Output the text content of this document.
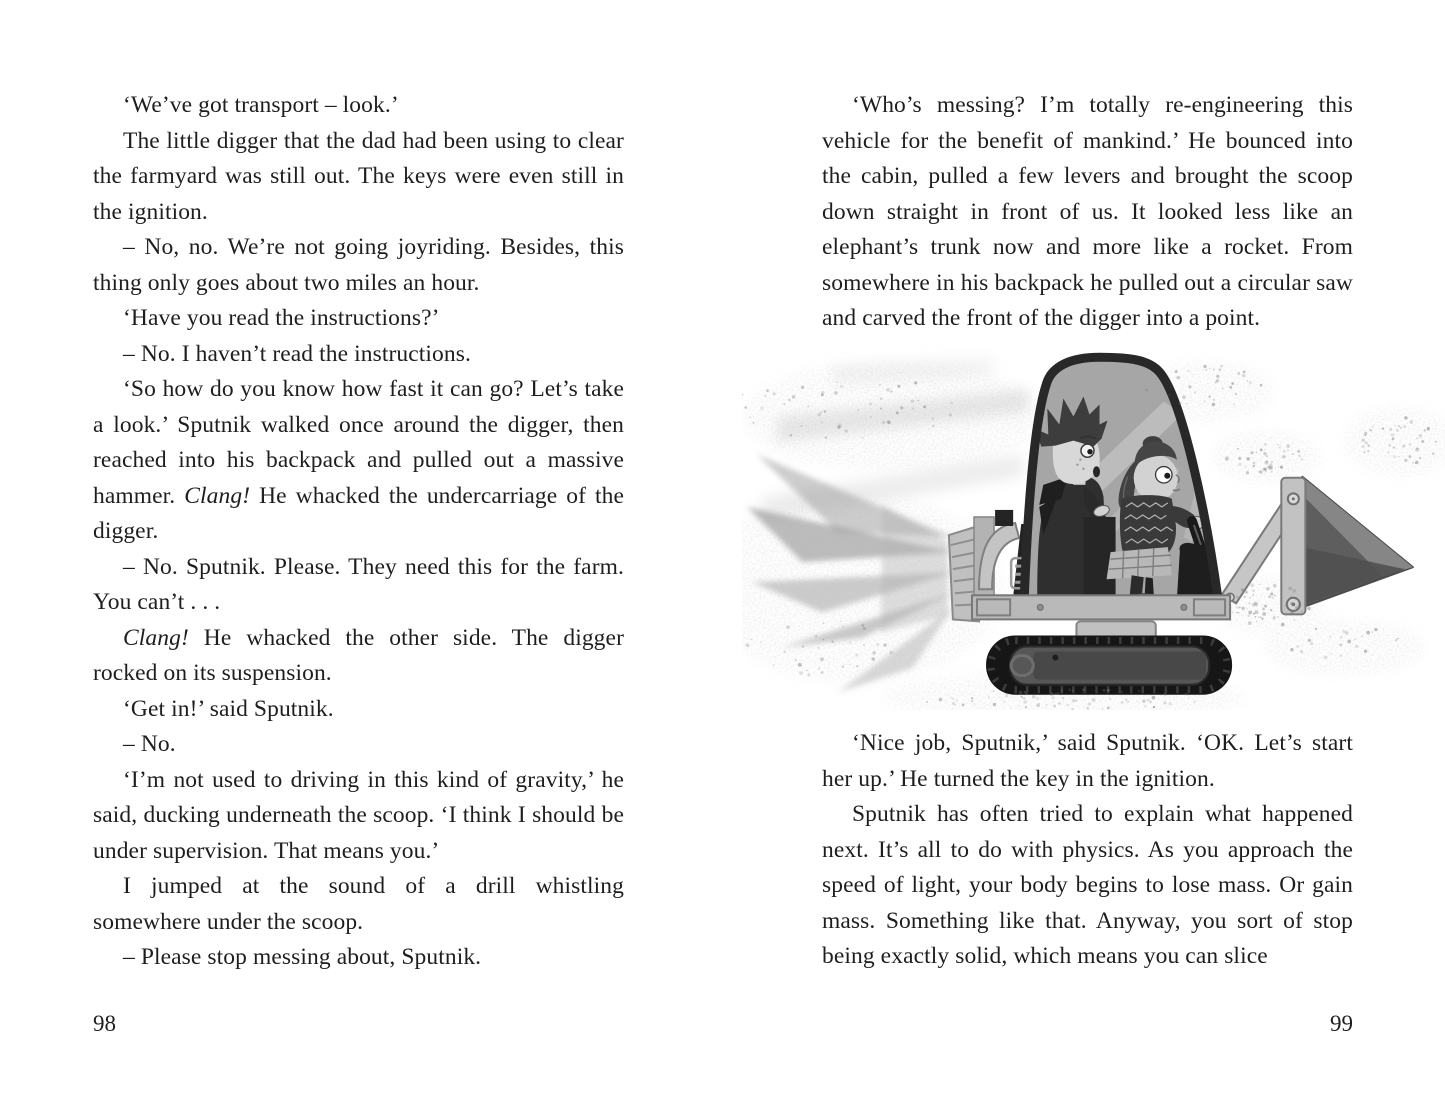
‘We’ve got transport – look.’

The little digger that the dad had been using to clear the farmyard was still out. The keys were even still in the ignition.

– No, no. We’re not going joyriding. Besides, this thing only goes about two miles an hour.

‘Have you read the instructions?’

– No. I haven’t read the instructions.

‘So how do you know how fast it can go? Let’s take a look.’ Sputnik walked once around the digger, then reached into his backpack and pulled out a massive hammer. Clang! He whacked the undercarriage of the digger.

– No. Sputnik. Please. They need this for the farm. You can’t . . .

Clang! He whacked the other side. The digger rocked on its suspension.

‘Get in!’ said Sputnik.

– No.

‘I’m not used to driving in this kind of gravity,’ he said, ducking underneath the scoop. ‘I think I should be under supervision. That means you.’

I jumped at the sound of a drill whistling somewhere under the scoop.

– Please stop messing about, Sputnik.

98

‘Who’s messing? I’m totally re-engineering this vehicle for the benefit of mankind.’ He bounced into the cabin, pulled a few levers and brought the scoop down straight in front of us. It looked less like an elephant’s trunk now and more like a rocket. From somewhere in his backpack he pulled out a circular saw and carved the front of the digger into a point.

‘Nice job, Sputnik,’ said Sputnik. ‘OK. Let’s start her up.’ He turned the key in the ignition.

Sputnik has often tried to explain what happened next. It’s all to do with physics. As you approach the speed of light, your body begins to lose mass. Or gain mass. Something like that. Anyway, you sort of stop being exactly solid, which means you can slice

99
